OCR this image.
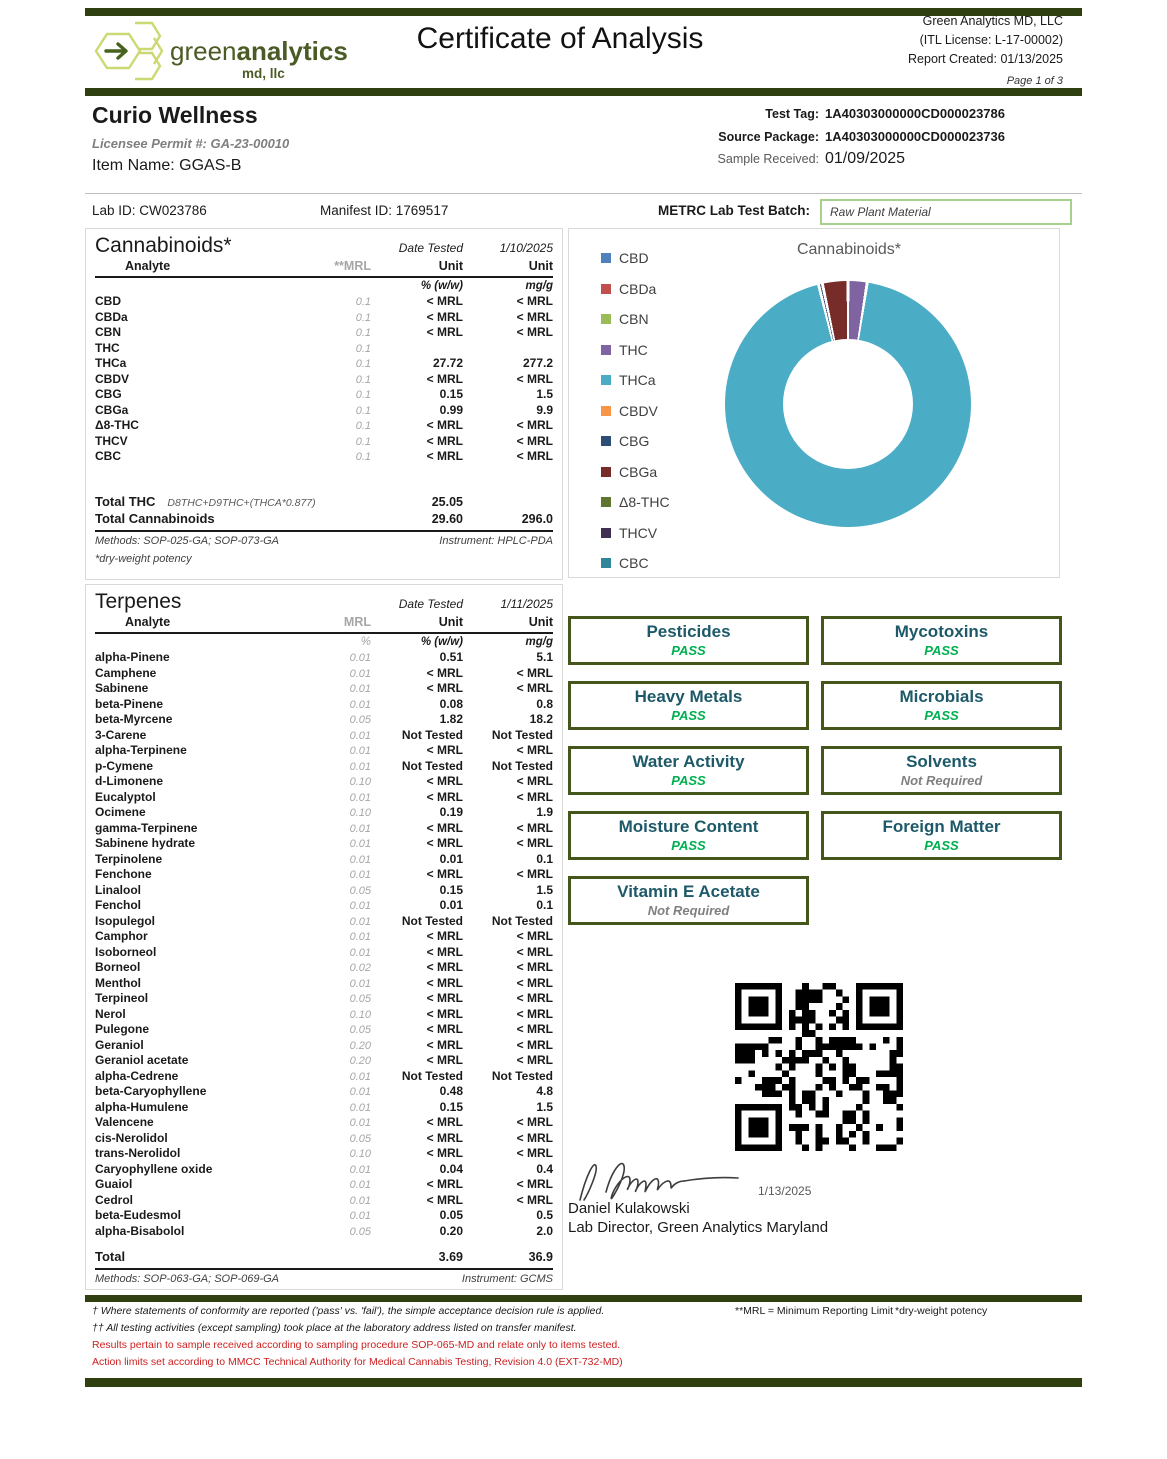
greenanalytics
md, llc
Certificate of Analysis
Green Analytics MD, LLC
(ITL License: L-17-00002)
Report Created: 01/13/2025
Page 1 of 3
Curio Wellness
Licensee Permit #: GA-23-00010
Item Name: GGAS-B
Test Tag: 1A40303000000CD000023786
Source Package: 1A40303000000CD000023736
Sample Received: 01/09/2025
Lab ID: CW023786	Manifest ID: 1769517	METRC Lab Test Batch: Raw Plant Material
Cannabinoids*	Date Tested	1/10/2025
Analyte	**MRL	Unit	Unit
% (w/w)	mg/g
CBD	0.1	< MRL	< MRL
CBDa	0.1	< MRL	< MRL
CBN	0.1	< MRL	< MRL
THC	0.1
THCa	0.1	27.72	277.2
CBDV	0.1	< MRL	< MRL
CBG	0.1	0.15	1.5
CBGa	0.1	0.99	9.9
Δ8-THC	0.1	< MRL	< MRL
THCV	0.1	< MRL	< MRL
CBC	0.1	< MRL	< MRL
Total THC D8THC+D9THC+(THCA*0.877)	25.05
Total Cannabinoids	29.60	296.0
Methods: SOP-025-GA; SOP-073-GA	Instrument: HPLC-PDA
*dry-weight potency
Terpenes	Date Tested	1/11/2025
Analyte	MRL	Unit	Unit
%	% (w/w)	mg/g
alpha-Pinene	0.01	0.51	5.1
Camphene	0.01	< MRL	< MRL
Sabinene	0.01	< MRL	< MRL
beta-Pinene	0.01	0.08	0.8
beta-Myrcene	0.05	1.82	18.2
3-Carene	0.01	Not Tested	Not Tested
alpha-Terpinene	0.01	< MRL	< MRL
p-Cymene	0.01	Not Tested	Not Tested
d-Limonene	0.10	< MRL	< MRL
Eucalyptol	0.01	< MRL	< MRL
Ocimene	0.10	0.19	1.9
gamma-Terpinene	0.01	< MRL	< MRL
Sabinene hydrate	0.01	< MRL	< MRL
Terpinolene	0.01	0.01	0.1
Fenchone	0.01	< MRL	< MRL
Linalool	0.05	0.15	1.5
Fenchol	0.01	0.01	0.1
Isopulegol	0.01	Not Tested	Not Tested
Camphor	0.01	< MRL	< MRL
Isoborneol	0.01	< MRL	< MRL
Borneol	0.02	< MRL	< MRL
Menthol	0.01	< MRL	< MRL
Terpineol	0.05	< MRL	< MRL
Nerol	0.10	< MRL	< MRL
Pulegone	0.05	< MRL	< MRL
Geraniol	0.20	< MRL	< MRL
Geraniol acetate	0.20	< MRL	< MRL
alpha-Cedrene	0.01	Not Tested	Not Tested
beta-Caryophyllene	0.01	0.48	4.8
alpha-Humulene	0.01	0.15	1.5
Valencene	0.01	< MRL	< MRL
cis-Nerolidol	0.05	< MRL	< MRL
trans-Nerolidol	0.10	< MRL	< MRL
Caryophyllene oxide	0.01	0.04	0.4
Guaiol	0.01	< MRL	< MRL
Cedrol	0.01	< MRL	< MRL
beta-Eudesmol	0.01	0.05	0.5
alpha-Bisabolol	0.05	0.20	2.0
Total	3.69	36.9
Methods: SOP-063-GA; SOP-069-GA	Instrument: GCMS
Cannabinoids*
CBD
CBDa
CBN
THC
THCa
CBDV
CBG
CBGa
Δ8-THC
THCV
CBC
Pesticides
PASS
Mycotoxins
PASS
Heavy Metals
PASS
Microbials
PASS
Water Activity
PASS
Solvents
Not Required
Moisture Content
PASS
Foreign Matter
PASS
Vitamin E Acetate
Not Required
1/13/2025
Daniel Kulakowski
Lab Director, Green Analytics Maryland
† Where statements of conformity are reported ('pass' vs. 'fail'), the simple acceptance decision rule is applied.	**MRL = Minimum Reporting Limit *dry-weight potency
†† All testing activities (except sampling) took place at the laboratory address listed on transfer manifest.
Results pertain to sample received according to sampling procedure SOP-065-MD and relate only to items tested.
Action limits set according to MMCC Technical Authority for Medical Cannabis Testing, Revision 4.0 (EXT-732-MD)
